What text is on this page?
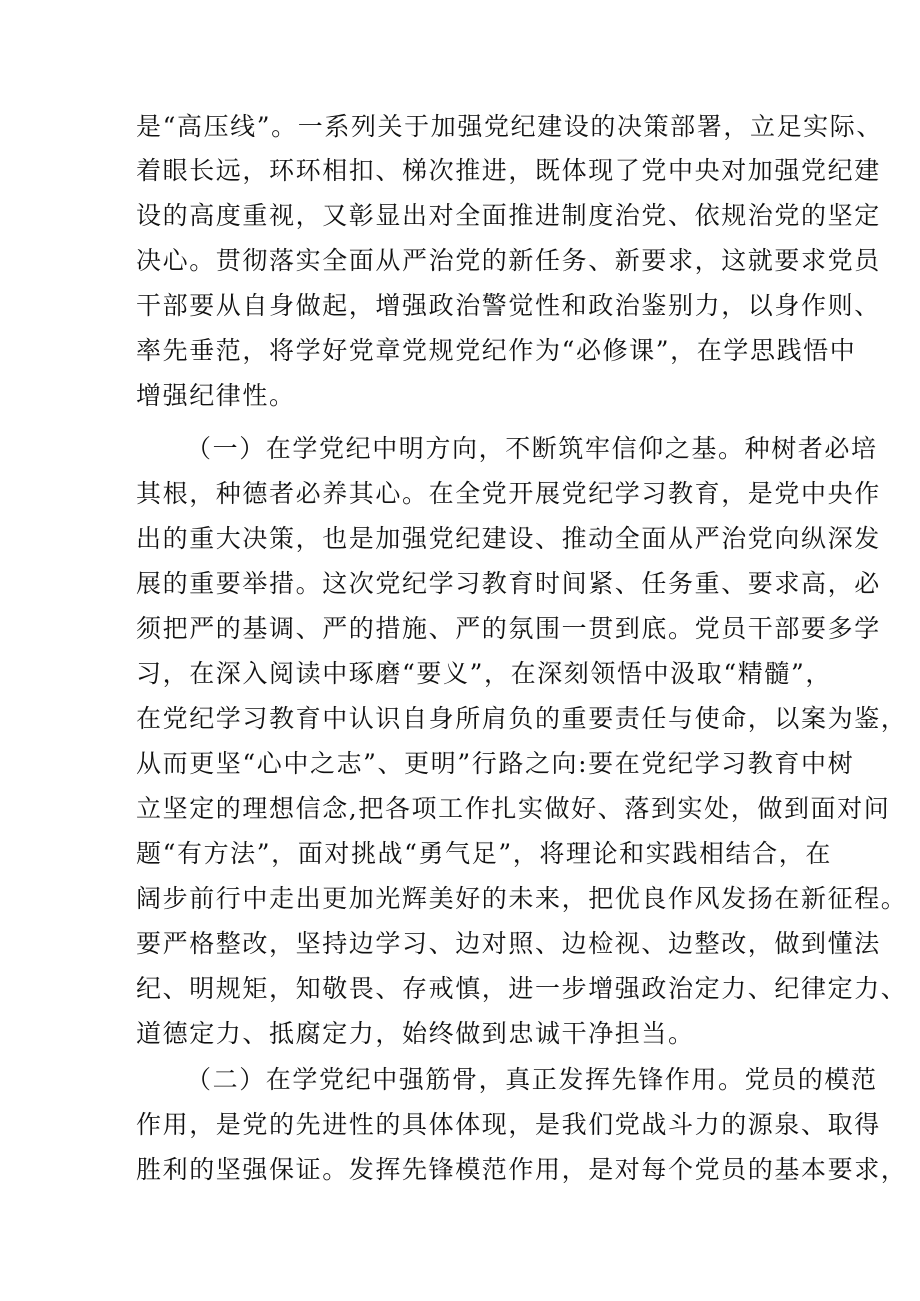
是“高压线”。一系列关于加强党纪建设的决策部署，立足实际、
着眼长远，环环相扣、梯次推进，既体现了党中央对加强党纪建
设的高度重视，又彰显出对全面推进制度治党、依规治党的坚定
决心。贯彻落实全面从严治党的新任务、新要求，这就要求党员
干部要从自身做起，增强政治警觉性和政治鉴别力，以身作则、
率先垂范，将学好党章党规党纪作为“必修课”，在学思践悟中
增强纪律性。
（一）在学党纪中明方向，不断筑牢信仰之基。种树者必培
其根，种德者必养其心。在全党开展党纪学习教育，是党中央作
出的重大决策，也是加强党纪建设、推动全面从严治党向纵深发
展的重要举措。这次党纪学习教育时间紧、任务重、要求高，必
须把严的基调、严的措施、严的氛围一贯到底。党员干部要多学
习，在深入阅读中琢磨“要义”，在深刻领悟中汲取“精髓”，
在党纪学习教育中认识自身所肩负的重要责任与使命，以案为鉴，
从而更坚“心中之志”、更明”行路之向:要在党纪学习教育中树
立坚定的理想信念,把各项工作扎实做好、落到实处，做到面对问
题“有方法”，面对挑战“勇气足”，将理论和实践相结合，在
阔步前行中走出更加光辉美好的未来，把优良作风发扬在新征程。
要严格整改，坚持边学习、边对照、边检视、边整改，做到懂法
纪、明规矩，知敬畏、存戒慎，进一步增强政治定力、纪律定力、
道德定力、抵腐定力，始终做到忠诚干净担当。
（二）在学党纪中强筋骨，真正发挥先锋作用。党员的模范
作用，是党的先进性的具体体现，是我们党战斗力的源泉、取得
胜利的坚强保证。发挥先锋模范作用，是对每个党员的基本要求，
